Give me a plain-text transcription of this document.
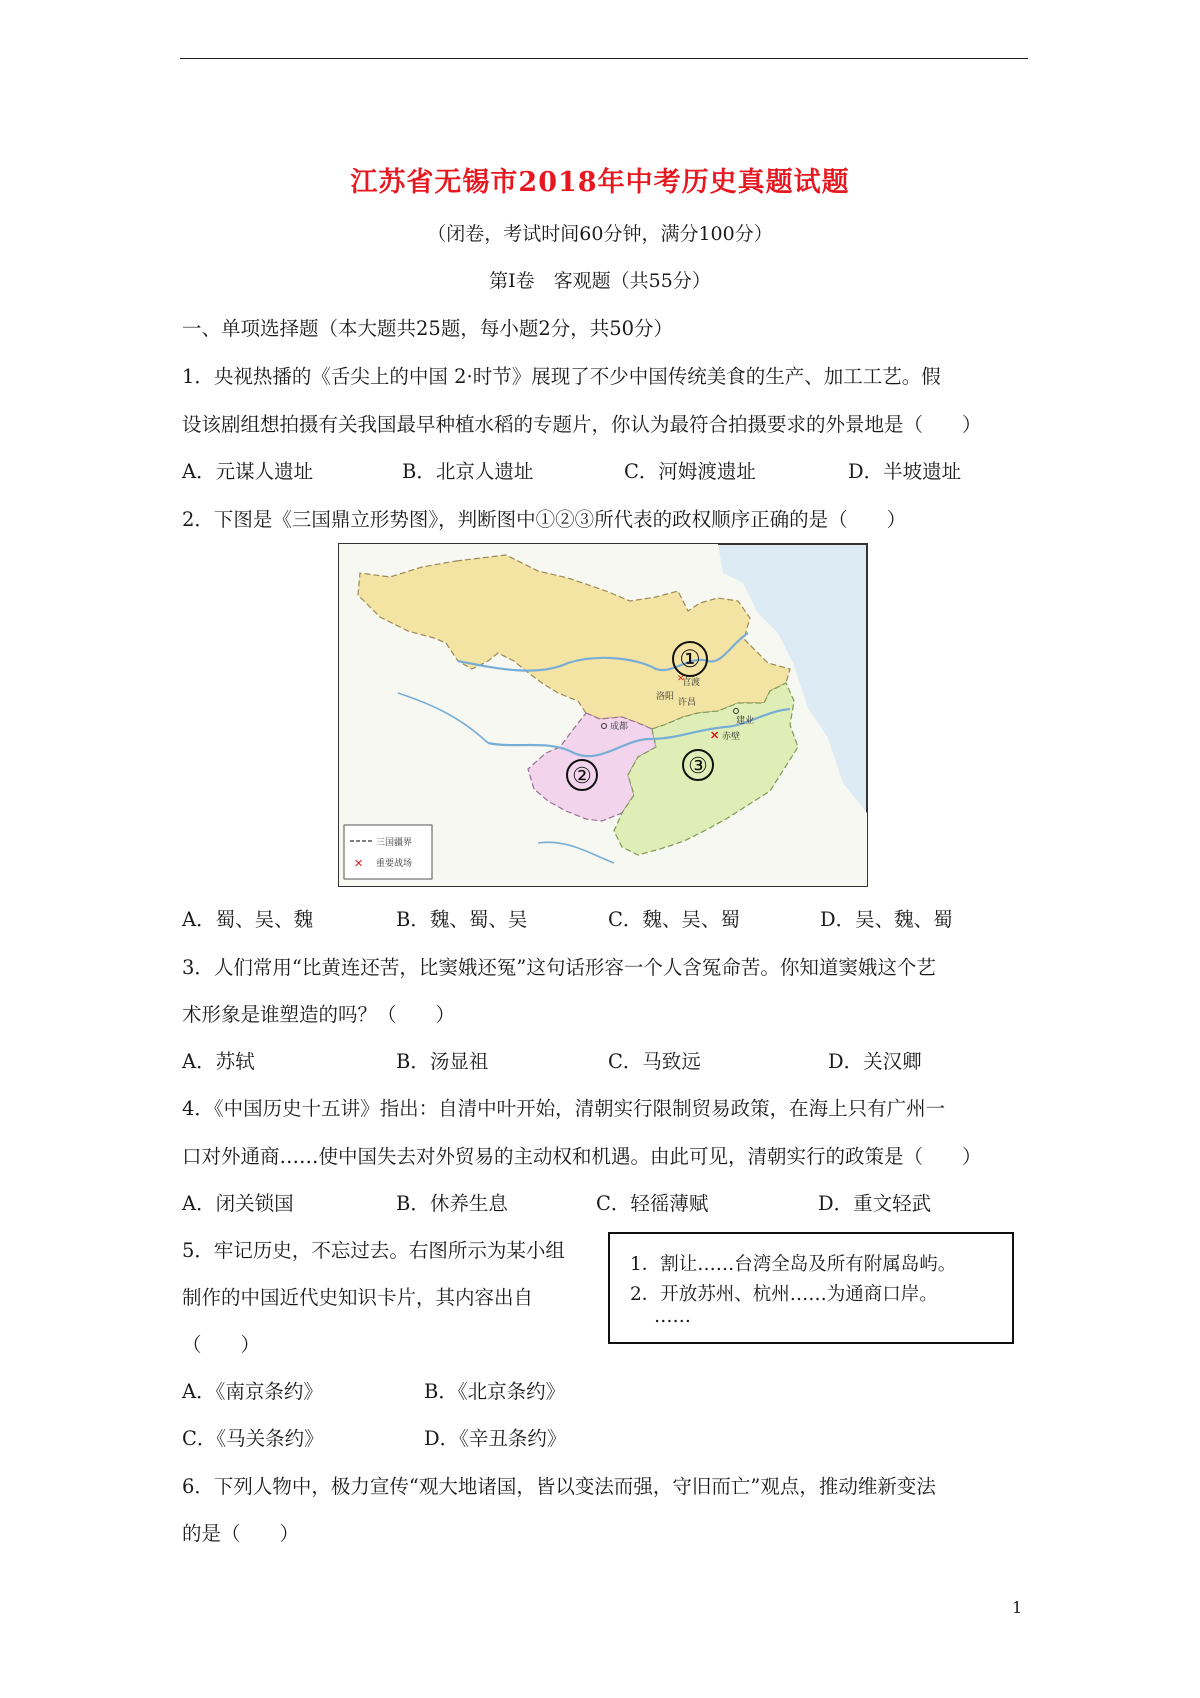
江苏省无锡市2018年中考历史真题试题
（闭卷，考试时间60分钟，满分100分）
第Ⅰ卷　客观题（共55分）
一、单项选择题（本大题共25题，每小题2分，共50分）
1．央视热播的《舌尖上的中国 2·时节》展现了不少中国传统美食的生产、加工工艺。假
设该剧组想拍摄有关我国最早种植水稻的专题片，你认为最符合拍摄要求的外景地是（　　）
A．元谋人遗址	B．北京人遗址	C．河姆渡遗址	D．半坡遗址
2．下图是《三国鼎立形势图》，判断图中①②③所代表的政权顺序正确的是（　　）
①
②	③
官渡
洛阳
许昌
成都
建业
✕ 赤壁
✕
三国疆界
✕ 重要战场
A．蜀、吴、魏	B．魏、蜀、吴	C．魏、吴、蜀	D．吴、魏、蜀
3．人们常用“比黄连还苦，比窦娥还冤”这句话形容一个人含冤命苦。你知道窦娥这个艺
术形象是谁塑造的吗？（　　）
A．苏轼	B．汤显祖	C．马致远	D．关汉卿
4．《中国历史十五讲》指出：自清中叶开始，清朝实行限制贸易政策，在海上只有广州一
口对外通商……使中国失去对外贸易的主动权和机遇。由此可见，清朝实行的政策是（　　）
A．闭关锁国	B．休养生息	C．轻徭薄赋	D．重文轻武
5．牢记历史，不忘过去。右图所示为某小组
制作的中国近代史知识卡片，其内容出自
（　　）
1．割让……台湾全岛及所有附属岛屿。
2．开放苏州、杭州……为通商口岸。
……
A．《南京条约》	B．《北京条约》
C．《马关条约》	D．《辛丑条约》
6．下列人物中，极力宣传“观大地诸国，皆以变法而强，守旧而亡”观点，推动维新变法
的是（　　）
1
